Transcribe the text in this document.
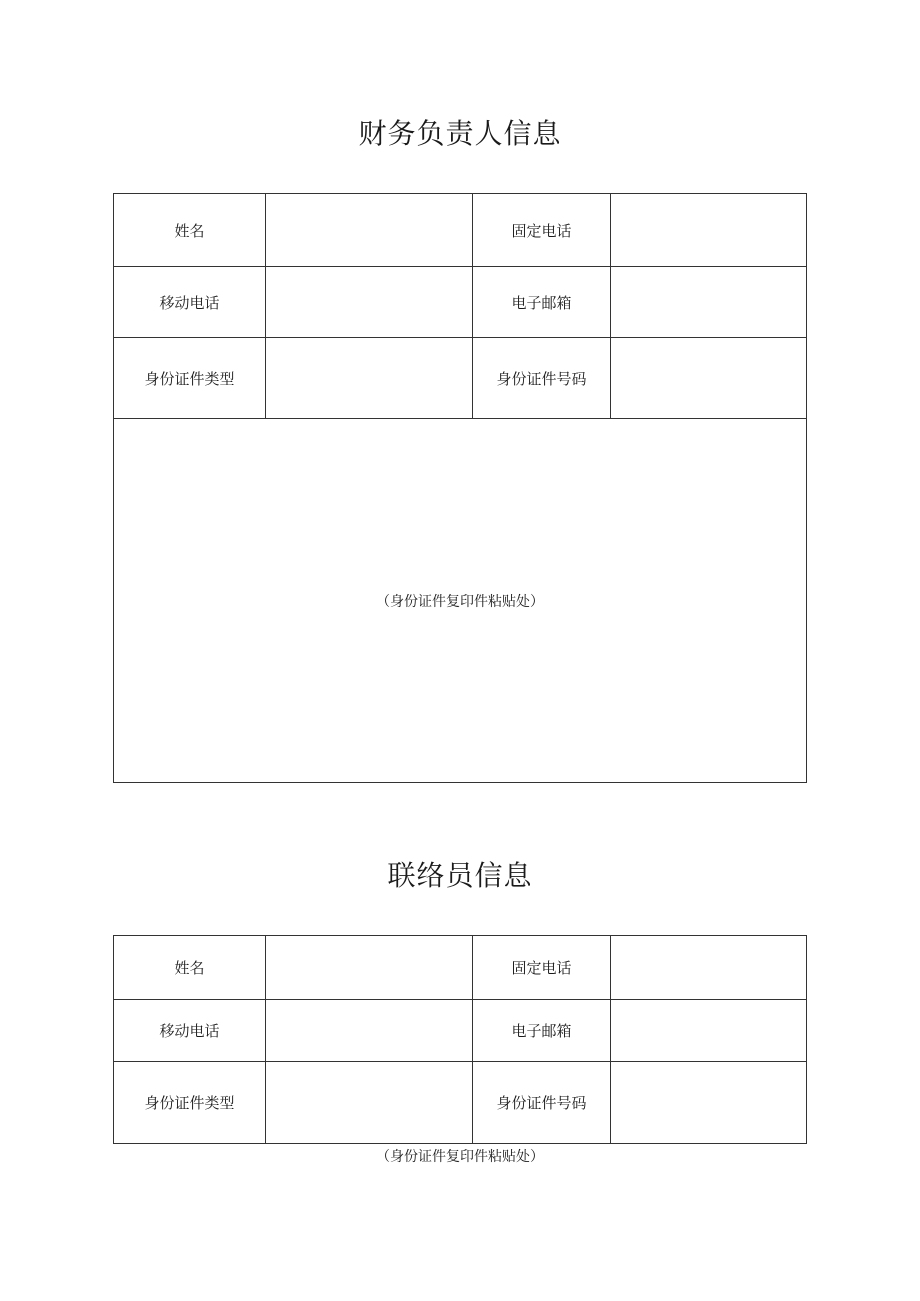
财务负责人信息
姓名		固定电话	
移动电话		电子邮箱	
身份证件类型		身份证件号码	
（身份证件复印件粘贴处）			
联络员信息
姓名		固定电话	
移动电话		电子邮箱	
身份证件类型		身份证件号码	
（身份证件复印件粘贴处）
